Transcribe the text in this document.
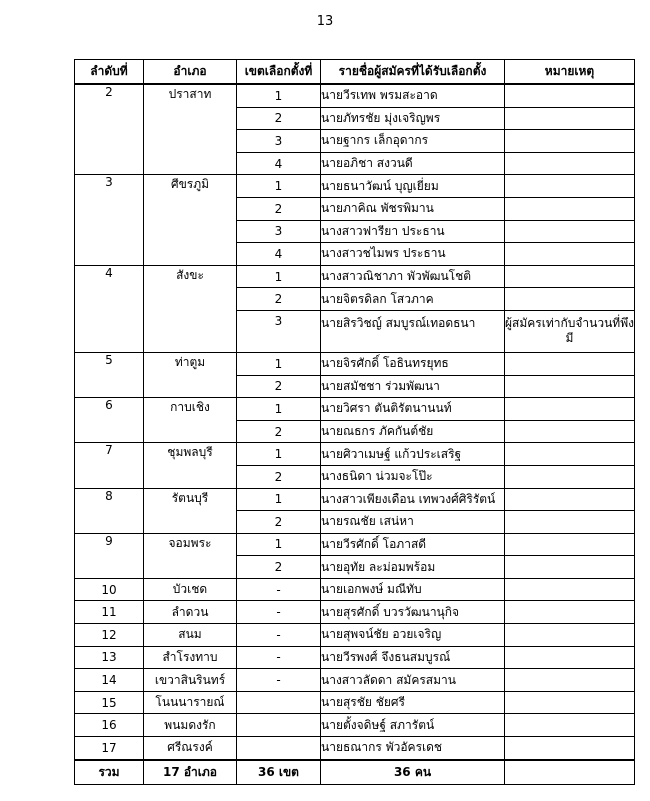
13
ลำดับที่	อำเภอ	เขตเลือกตั้งที่	รายชื่อผู้สมัครที่ได้รับเลือกตั้ง	หมายเหตุ
2	ปราสาท	1	นายวีรเทพ พรมสะอาด	
		2	นายภัทรชัย มุ่งเจริญพร	
		3	นายฐากร เล็กอุดากร	
		4	นายอภิชา สงวนดี	
3	ศีขรภูมิ	1	นายธนาวัฒน์ บุญเยี่ยม	
		2	นายภาคิณ พัชรพิมาน	
		3	นางสาวฟารียา ประธาน	
		4	นางสาวชไมพร ประธาน	
4	สังขะ	1	นางสาวณิชาภา พัวพัฒนโชติ	
		2	นายจิตรดิลก โสวภาค	
		3	นายสิรวิชญ์ สมบูรณ์เทอดธนา	ผู้สมัครเท่ากับจำนวนที่พึงมี
5	ท่าตูม	1	นายจิรศักดิ์ โอธินทรยุทธ	
		2	นายสมัชชา ร่วมพัฒนา	
6	กาบเชิง	1	นายวิศรา ตันติรัตนานนท์	
		2	นายณธกร ภัคกันต์ชัย	
7	ชุมพลบุรี	1	นายศิวาเมษฐ์ แก้วประเสริฐ	
		2	นางธนิดา น่วมจะโป๊ะ	
8	รัตนบุรี	1	นางสาวเพียงเดือน เทพวงศ์ศิริรัตน์	
		2	นายรณชัย เสน่หา	
9	จอมพระ	1	นายวีรศักดิ์ โอภาสดี	
		2	นายอุทัย ละม่อมพร้อม	
10	บัวเชด	-	นายเอกพงษ์ มณีทับ	
11	ลำดวน	-	นายสุรศักดิ์ บวรวัฒนานุกิจ	
12	สนม	-	นายสุพจน์ชัย อวยเจริญ	
13	สำโรงทาบ	-	นายวีรพงศ์ จึงธนสมบูรณ์	
14	เขวาสินรินทร์	-	นางสาวลัดดา สมัครสมาน	
15	โนนนารายณ์		นายสุรชัย ชัยศรี	
16	พนมดงรัก		นายตั้งจดิษฐ์ สภารัตน์	
17	ศรีณรงค์		นายธณากร พัวอัครเดช	
รวม	17 อำเภอ	36 เขต	36 คน	
